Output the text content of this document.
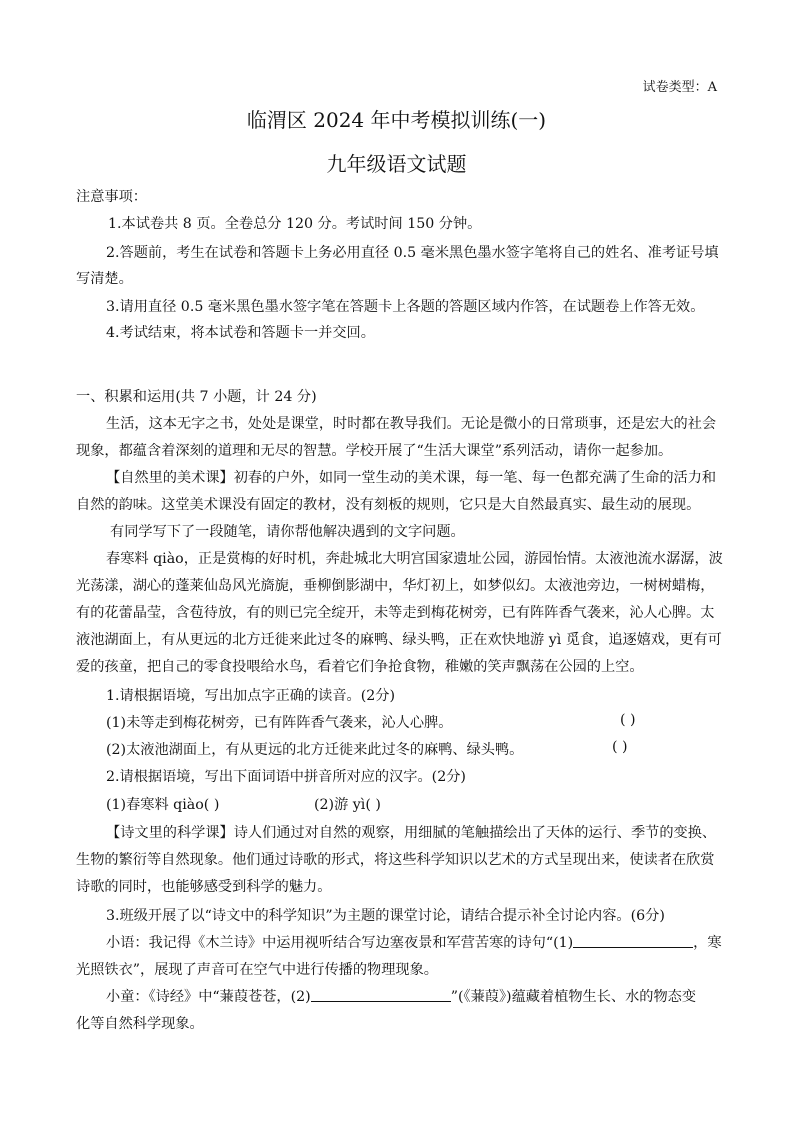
试卷类型：A
临渭区 2024 年中考模拟训练(一)
九年级语文试题
注意事项：
1.本试卷共 8 页。全卷总分 120 分。考试时间 150 分钟。
2.答题前，考生在试卷和答题卡上务必用直径 0.5 毫米黑色墨水签字笔将自己的姓名、准考证号填
写清楚。
3.请用直径 0.5 毫米黑色墨水签字笔在答题卡上各题的答题区域内作答，在试题卷上作答无效。
4.考试结束，将本试卷和答题卡一并交回。
一、积累和运用(共 7 小题，计 24 分)
生活，这本无字之书，处处是课堂，时时都在教导我们。无论是微小的日常琐事，还是宏大的社会
现象，都蕴含着深刻的道理和无尽的智慧。学校开展了“生活大课堂”系列活动，请你一起参加。
【自然里的美术课】初春的户外，如同一堂生动的美术课，每一笔、每一色都充满了生命的活力和
自然的韵味。这堂美术课没有固定的教材，没有刻板的规则，它只是大自然最真实、最生动的展现。
有同学写下了一段随笔，请你帮他解决遇到的文字问题。
春寒料 qiào，正是赏梅的好时机，奔赴城北大明宫国家遗址公园，游园怡情。太液池流水潺潺，波
光荡漾，湖心的蓬莱仙岛风光旖旎，垂柳倒影湖中，华灯初上，如梦似幻。太液池旁边，一树树蜡梅，
有的花蕾晶莹，含苞待放，有的则已完全绽开，未等走到梅花树旁，已有阵阵香气袭来，沁人心脾。太
液池湖面上，有从更远的北方迁徙来此过冬的麻鸭、绿头鸭，正在欢快地游 yì 觅食，追逐嬉戏，更有可
爱的孩童，把自己的零食投喂给水鸟，看着它们争抢食物，稚嫩的笑声飘荡在公园的上空。
1.请根据语境，写出加点字正确的读音。(2分)
(1)未等走到梅花树旁，已有阵阵香气袭来，沁人心脾。	( )
(2)太液池湖面上，有从更远的北方迁徙来此过冬的麻鸭、绿头鸭。	( )
2.请根据语境，写出下面词语中拼音所对应的汉字。(2分)
(1)春寒料 qiào( )	(2)游 yì( )
【诗文里的科学课】诗人们通过对自然的观察，用细腻的笔触描绘出了天体的运行、季节的变换、
生物的繁衍等自然现象。他们通过诗歌的形式，将这些科学知识以艺术的方式呈现出来，使读者在欣赏
诗歌的同时，也能够感受到科学的魅力。
3.班级开展了以“诗文中的科学知识”为主题的课堂讨论，请结合提示补全讨论内容。(6分)
小语：我记得《木兰诗》中运用视听结合写边塞夜景和军营苦寒的诗句“(1)	，寒
光照铁衣”，展现了声音可在空气中进行传播的物理现象。
小童：《诗经》中“蒹葭苍苍，(2)	”(《蒹葭》)蕴藏着植物生长、水的物态变
化等自然科学现象。
